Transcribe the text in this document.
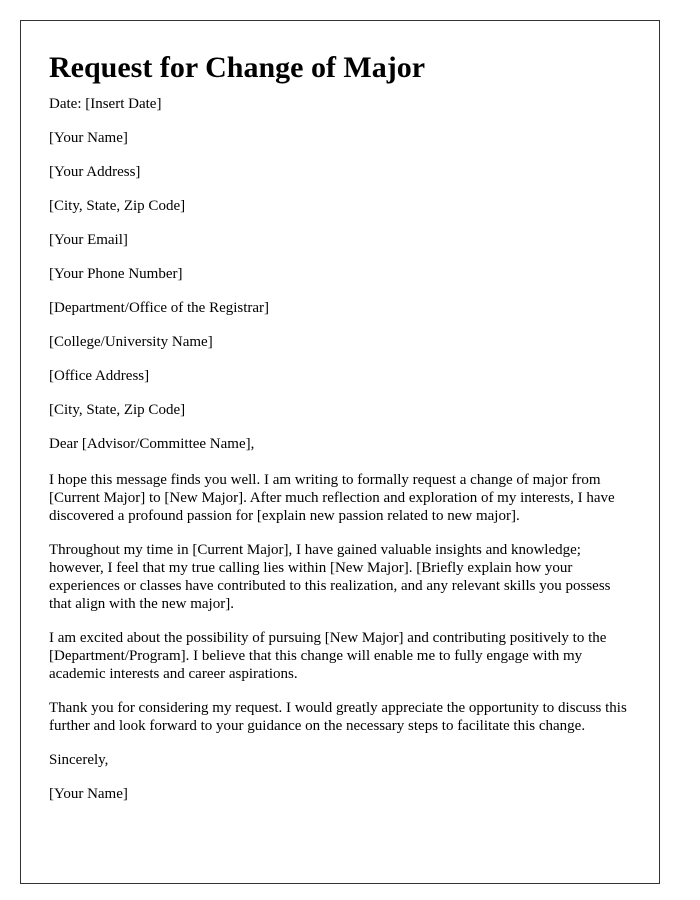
Request for Change of Major

Date: [Insert Date]

[Your Name]

[Your Address]

[City, State, Zip Code]

[Your Email]

[Your Phone Number]

[Department/Office of the Registrar]

[College/University Name]

[Office Address]

[City, State, Zip Code]

Dear [Advisor/Committee Name],

I hope this message finds you well. I am writing to formally request a change of major from [Current Major] to [New Major]. After much reflection and exploration of my interests, I have discovered a profound passion for [explain new passion related to new major].

Throughout my time in [Current Major], I have gained valuable insights and knowledge; however, I feel that my true calling lies within [New Major]. [Briefly explain how your experiences or classes have contributed to this realization, and any relevant skills you possess that align with the new major].

I am excited about the possibility of pursuing [New Major] and contributing positively to the [Department/Program]. I believe that this change will enable me to fully engage with my academic interests and career aspirations.

Thank you for considering my request. I would greatly appreciate the opportunity to discuss this further and look forward to your guidance on the necessary steps to facilitate this change.

Sincerely,

[Your Name]
